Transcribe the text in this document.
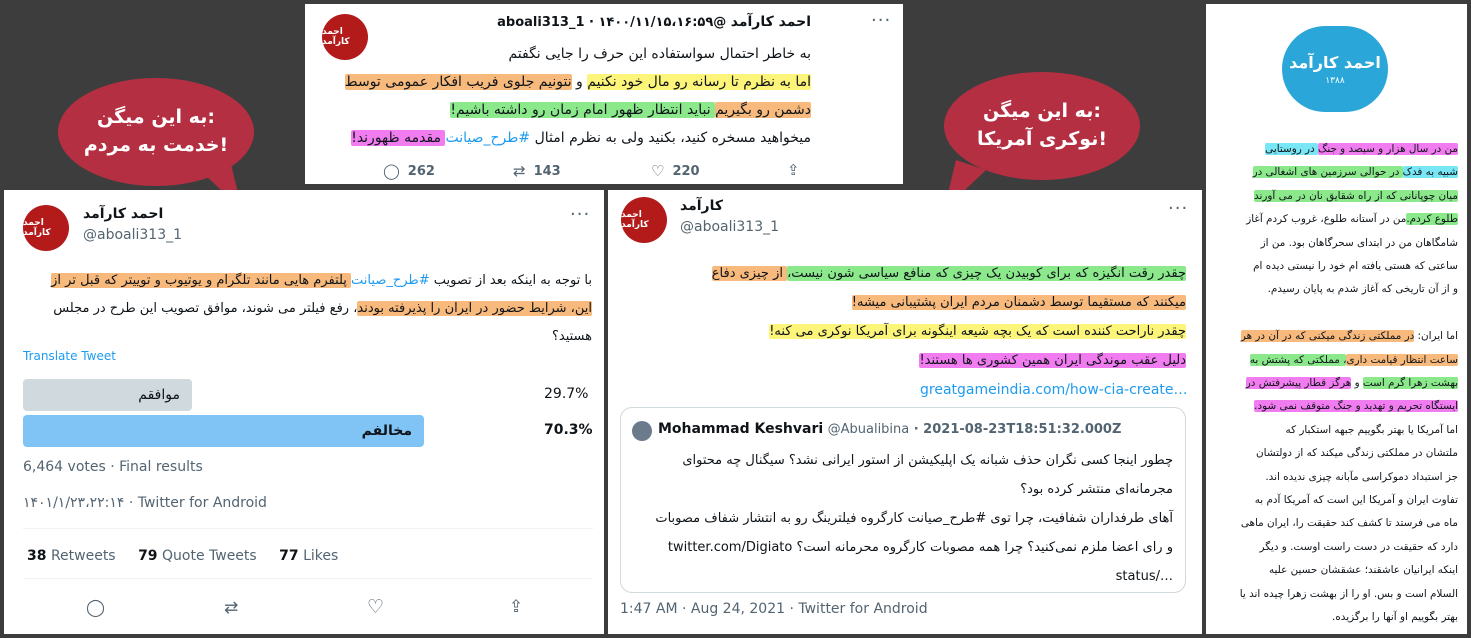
احمد کارآمد
احمد کارآمد @aboali313_1 · ۱۴۰۰/۱۱/۱۵،۱۶:۵۹	···
به خاطر احتمال سواستفاده این حرف را جایی نگفتم
اما به نظرم تا رسانه رو مال خود نکنیم و نتونیم جلوی فریب افکار عمومی توسط
دشمن رو بگیریم نباید انتظار ظهور امام زمان رو داشته باشیم!
میخواهید مسخره کنید، بکنید ولی به نظرم امثال #طرح_صیانت مقدمه ظهورند!
◯ 262	⇄ 143	♡ 220	⇪
به این میگن:
خدمت به مردم!
به این میگن:
نوکری آمریکا!
احمد کارآمد
احمد کارآمد
@aboali313_1
···
با توجه به اینکه بعد از تصویب #طرح_صیانت پلتفرم هایی مانند تلگرام و یوتیوب و توییتر که قبل تر از
این، شرایط حضور در ایران را پذیرفته بودند، رفع فیلتر می شوند، موافق تصویب این طرح در مجلس
هستید؟
Translate Tweet
موافقم	29.7%
مخالفم	70.3%
6,464 votes · Final results
۱۴۰۱/۱/۲۳،۲۲:۱۴ · Twitter for Android
38 Retweets 79 Quote Tweets 77 Likes
◯	⇄	♡	⇪
احمد کارآمد
کارآمد
@aboali313_1
···
چقدر رقت انگیزه که برای کوبیدن یک چیزی که منافع سیاسی شون نیست، از چیزی دفاع
میکنند که مستقیما توسط دشمنان مردم ایران پشتیبانی میشه!
چقدر ناراحت کننده است که یک بچه شیعه اینگونه برای آمریکا نوکری می کنه!
دلیل عقب موندگی ایران همین کشوری ها هستند!
greatgameindia.com/how-cia-create…
Mohammad Keshvari @Abualibina · 2021-08-23T18:51:32.000Z
چطور اینجا کسی نگران حذف شبانه یک اپلیکیشن از استور ایرانی نشد؟ سیگنال چه محتوای
مجرمانه‌ای منتشر کرده بود؟
آهای طرفداران شفافیت، چرا توی #طرح_صیانت کارگروه فیلترینگ رو به انتشار شفاف مصوبات
و رای اعضا ملزم نمی‌کنید؟ چرا همه مصوبات کارگروه محرمانه است؟ twitter.com/Digiato
…/status
1:47 AM · Aug 24, 2021 · Twitter for Android
احمد کارآمد
۱۳۸۸
من در سال هزار و سیصد و جنگ در روستایی
شبیه به فدک در حوالی سرزمین های اشغالی در
میان چوپانانی که از راه شقایق نان در می آورند
طلوع کردم.من در آستانه طلوع، غروب کردم آغاز
شامگاهان من در ابتدای سحرگاهان بود. من از
ساعتی که هستی یافته ام خود را نیستی دیده ام
و از آن تاریخی که آغاز شدم به پایان رسیدم.
اما ایران: در مملکتی زندگی میکنی که در آن در هر
ساعت انتظار قیامت داری، مملکتی که پشتش به
بهشت زهرا گرم است و هرگز قطار پیشرفتش در
ایستگاه تحریم و تهدید و جنگ متوقف نمی شود.
اما آمریکا یا بهتر بگوییم جبهه استکبار که
ملتشان در مملکتی زندگی میکند که از دولتشان
جز استبداد دموکراسی مآبانه چیزی ندیده اند.
تفاوت ایران و آمریکا این است که آمریکا آدم به
ماه می فرستد تا کشف کند حقیقت را، ایران ماهی
دارد که حقیقت در دست راست اوست. و دیگر
اینکه ایرانیان عاشقند؛ عشقشان حسین علیه
السلام است و بس. او را از بهشت زهرا چیده اند یا
بهتر بگوییم او آنها را برگزیده.
